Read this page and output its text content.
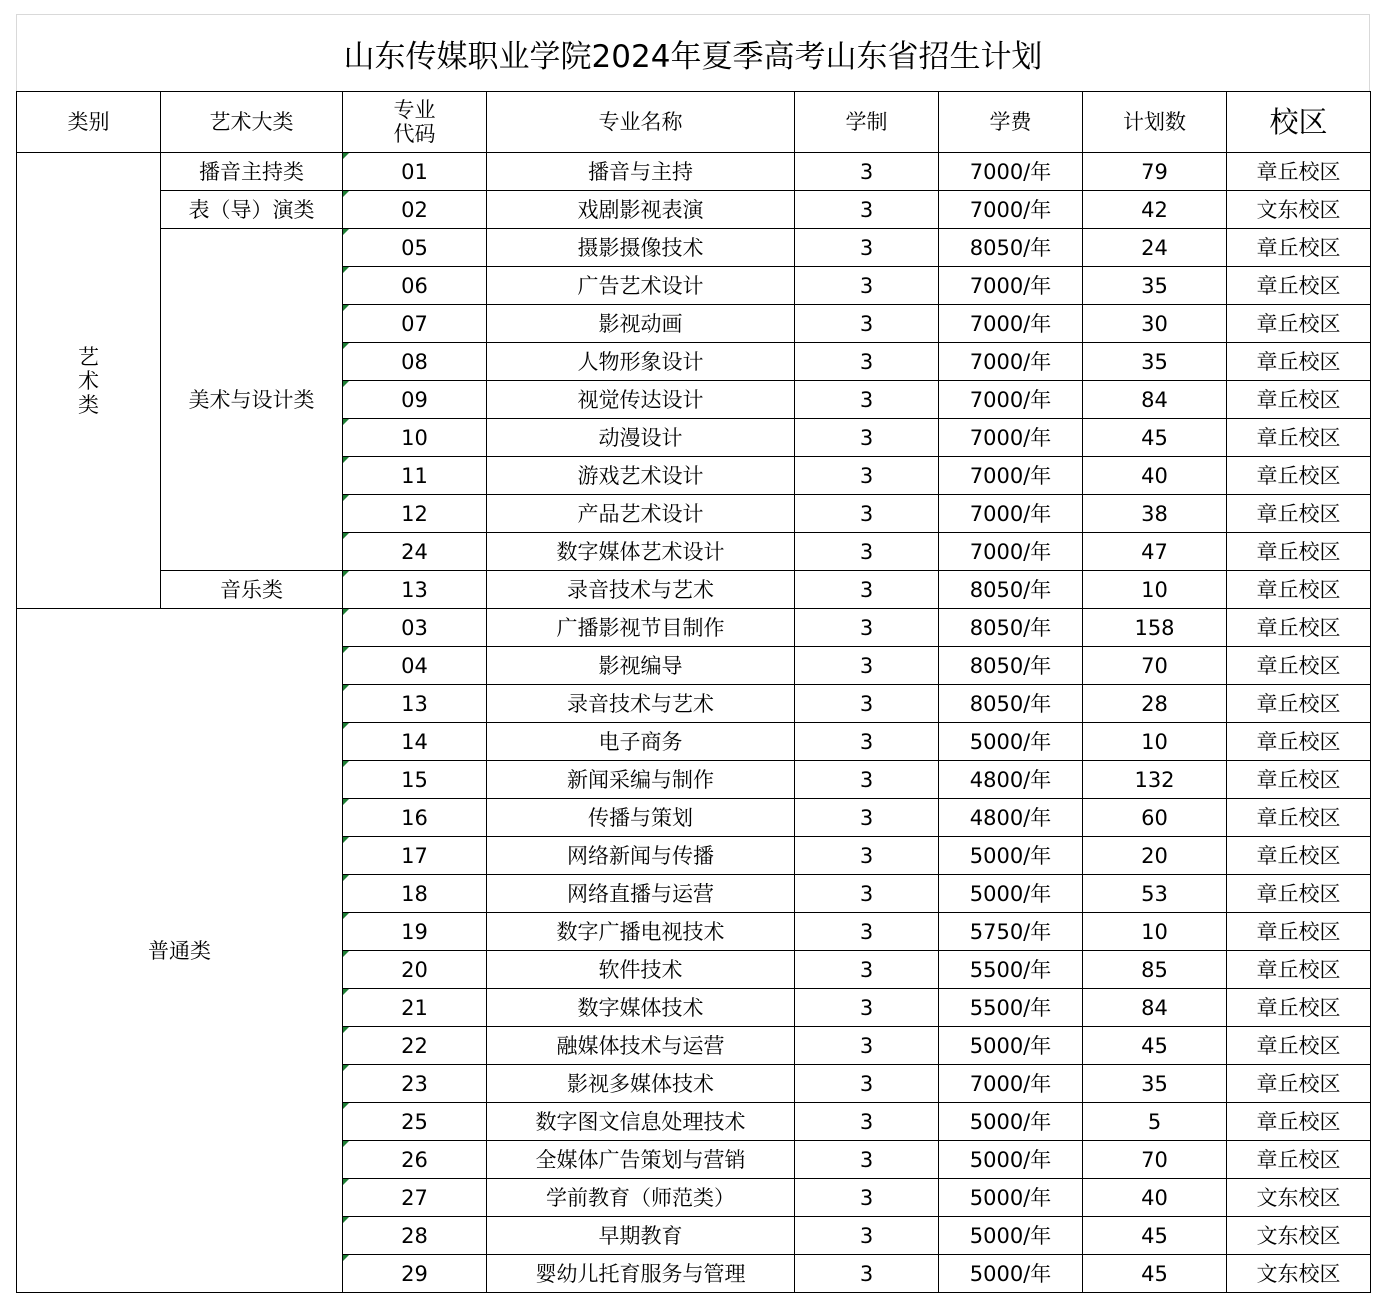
山东传媒职业学院2024年夏季高考山东省招生计划
类别	艺术大类	专业
代码	专业名称	学制	学费	计划数	校区
艺
术
类	播音主持类	01	播音与主持	3	7000/年	79	章丘校区
	表（导）演类	02	戏剧影视表演	3	7000/年	42	文东校区
	美术与设计类	05	摄影摄像技术	3	8050/年	24	章丘校区

06	广告艺术设计	3	7000/年	35	章丘校区

07	影视动画	3	7000/年	30	章丘校区

08	人物形象设计	3	7000/年	35	章丘校区

09	视觉传达设计	3	7000/年	84	章丘校区

10	动漫设计	3	7000/年	45	章丘校区

11	游戏艺术设计	3	7000/年	40	章丘校区

12	产品艺术设计	3	7000/年	38	章丘校区

24	数字媒体艺术设计	3	7000/年	47	章丘校区
	音乐类	13	录音技术与艺术	3	8050/年	10	章丘校区
普通类		03	广播影视节目制作	3	8050/年	158	章丘校区

04	影视编导	3	8050/年	70	章丘校区

13	录音技术与艺术	3	8050/年	28	章丘校区

14	电子商务	3	5000/年	10	章丘校区

15	新闻采编与制作	3	4800/年	132	章丘校区

16	传播与策划	3	4800/年	60	章丘校区

17	网络新闻与传播	3	5000/年	20	章丘校区

18	网络直播与运营	3	5000/年	53	章丘校区

19	数字广播电视技术	3	5750/年	10	章丘校区

20	软件技术	3	5500/年	85	章丘校区

21	数字媒体技术	3	5500/年	84	章丘校区

22	融媒体技术与运营	3	5000/年	45	章丘校区

23	影视多媒体技术	3	7000/年	35	章丘校区

25	数字图文信息处理技术	3	5000/年	5	章丘校区

26	全媒体广告策划与营销	3	5000/年	70	章丘校区

27	学前教育（师范类）	3	5000/年	40	文东校区

28	早期教育	3	5000/年	45	文东校区

29	婴幼儿托育服务与管理	3	5000/年	45	文东校区
